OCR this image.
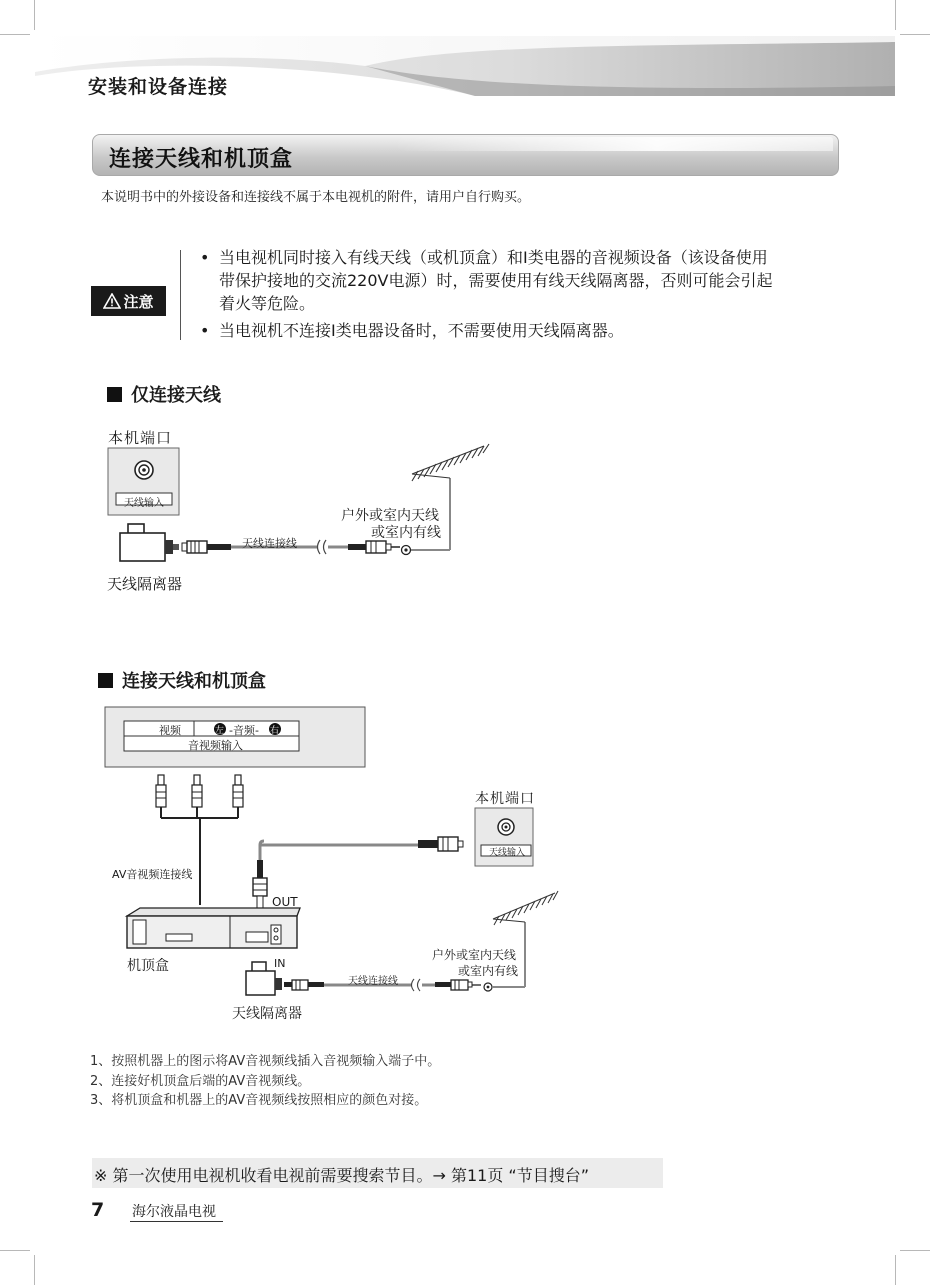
安装和设备连接
连接天线和机顶盒
本说明书中的外接设备和连接线不属于本电视机的附件，请用户自行购买。
注意
• 当电视机同时接入有线天线（或机顶盒）和I类电器的音视频设备（该设备使用
带保护接地的交流220V电源）时，需要使用有线天线隔离器，否则可能会引起
着火等危险。
• 当电视机不连接I类电器设备时，不需要使用天线隔离器。
仅连接天线
本机端口
天线输入
天线连接线
户外或室内天线
或室内有线
天线隔离器
连接天线和机顶盒
视频	左 -音频- 右
音视频输入
AV音视频连接线
本机端口
天线输入
OUT
IN
机顶盒
天线连接线
户外或室内天线
或室内有线
天线隔离器
1、按照机器上的图示将AV音视频线插入音视频输入端子中。
2、连接好机顶盒后端的AV音视频线。
3、将机顶盒和机器上的AV音视频线按照相应的颜色对接。
※ 第一次使用电视机收看电视前需要搜索节目。→ 第11页 “节目搜台”
7 海尔液晶电视
